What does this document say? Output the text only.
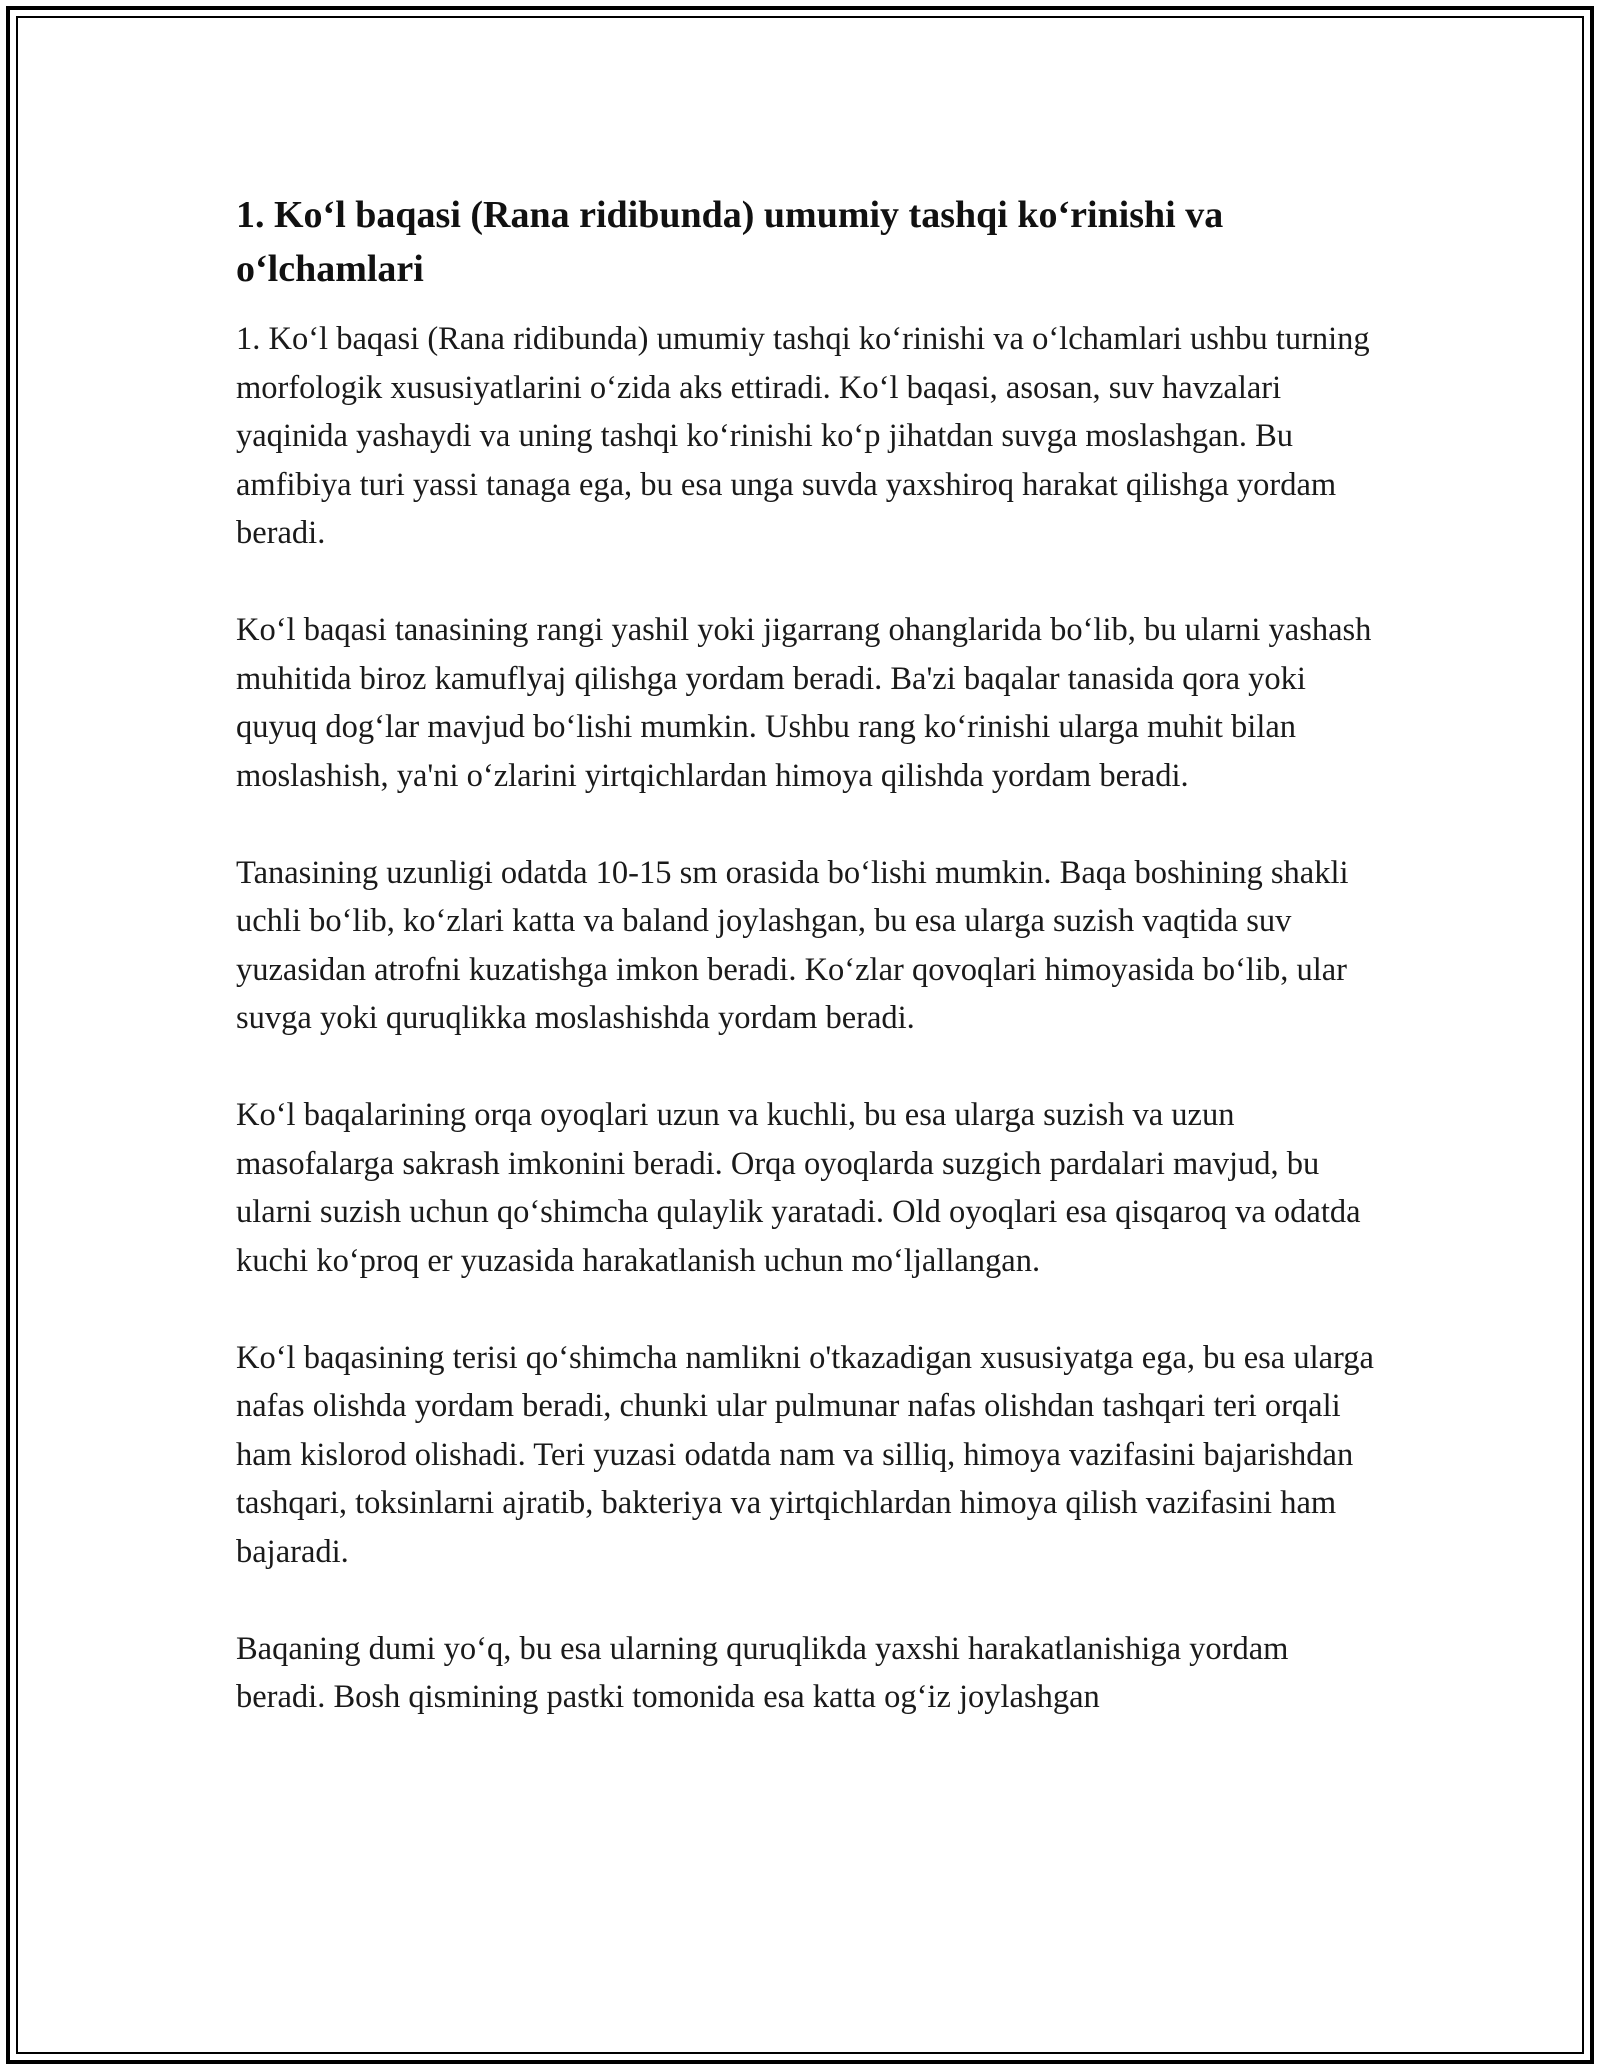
1. Ko‘l baqasi (Rana ridibunda) umumiy tashqi ko‘rinishi va o‘lchamlari

1. Ko‘l baqasi (Rana ridibunda) umumiy tashqi ko‘rinishi va o‘lchamlari ushbu turning morfologik xususiyatlarini o‘zida aks ettiradi. Ko‘l baqasi, asosan, suv havzalari yaqinida yashaydi va uning tashqi ko‘rinishi ko‘p jihatdan suvga moslashgan. Bu amfibiya turi yassi tanaga ega, bu esa unga suvda yaxshiroq harakat qilishga yordam beradi.

Ko‘l baqasi tanasining rangi yashil yoki jigarrang ohanglarida bo‘lib, bu ularni yashash muhitida biroz kamuflyaj qilishga yordam beradi. Ba'zi baqalar tanasida qora yoki quyuq dog‘lar mavjud bo‘lishi mumkin. Ushbu rang ko‘rinishi ularga muhit bilan moslashish, ya'ni o‘zlarini yirtqichlardan himoya qilishda yordam beradi.

Tanasining uzunligi odatda 10-15 sm orasida bo‘lishi mumkin. Baqa boshining shakli uchli bo‘lib, ko‘zlari katta va baland joylashgan, bu esa ularga suzish vaqtida suv yuzasidan atrofni kuzatishga imkon beradi. Ko‘zlar qovoqlari himoyasida bo‘lib, ular suvga yoki quruqlikka moslashishda yordam beradi.

Ko‘l baqalarining orqa oyoqlari uzun va kuchli, bu esa ularga suzish va uzun masofalarga sakrash imkonini beradi. Orqa oyoqlarda suzgich pardalari mavjud, bu ularni suzish uchun qo‘shimcha qulaylik yaratadi. Old oyoqlari esa qisqaroq va odatda kuchi ko‘proq er yuzasida harakatlanish uchun mo‘ljallangan.

Ko‘l baqasining terisi qo‘shimcha namlikni o'tkazadigan xususiyatga ega, bu esa ularga nafas olishda yordam beradi, chunki ular pulmunar nafas olishdan tashqari teri orqali ham kislorod olishadi. Teri yuzasi odatda nam va silliq, himoya vazifasini bajarishdan tashqari, toksinlarni ajratib, bakteriya va yirtqichlardan himoya qilish vazifasini ham bajaradi.

Baqaning dumi yo‘q, bu esa ularning quruqlikda yaxshi harakatlanishiga yordam beradi. Bosh qismining pastki tomonida esa katta og‘iz joylashgan
